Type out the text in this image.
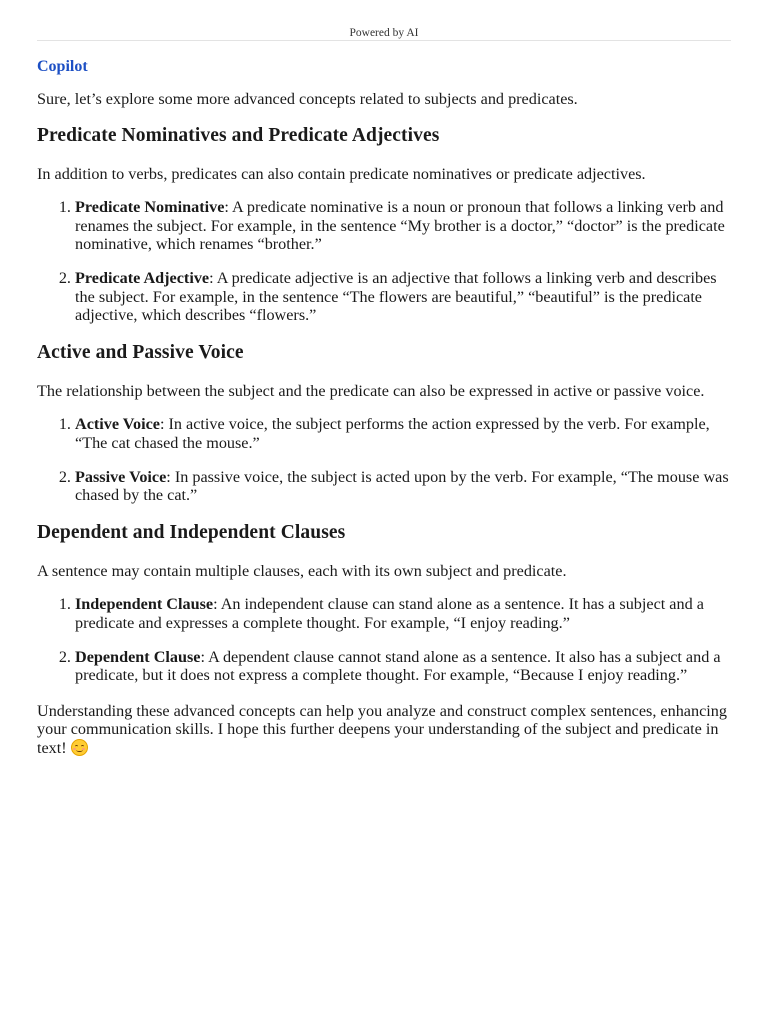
Powered by AI
Copilot

Sure, let’s explore some more advanced concepts related to subjects and predicates.

Predicate Nominatives and Predicate Adjectives

In addition to verbs, predicates can also contain predicate nominatives or predicate adjectives.

1. Predicate Nominative: A predicate nominative is a noun or pronoun that follows a linking verb and renames the subject. For example, in the sentence “My brother is a doctor,” “doctor” is the predicate nominative, which renames “brother.”
2. Predicate Adjective: A predicate adjective is an adjective that follows a linking verb and describes the subject. For example, in the sentence “The flowers are beautiful,” “beautiful” is the predicate adjective, which describes “flowers.”
Active and Passive Voice

The relationship between the subject and the predicate can also be expressed in active or passive voice.

1. Active Voice: In active voice, the subject performs the action expressed by the verb. For example, “The cat chased the mouse.”
2. Passive Voice: In passive voice, the subject is acted upon by the verb. For example, “The mouse was chased by the cat.”
Dependent and Independent Clauses

A sentence may contain multiple clauses, each with its own subject and predicate.

1. Independent Clause: An independent clause can stand alone as a sentence. It has a subject and a predicate and expresses a complete thought. For example, “I enjoy reading.”
2. Dependent Clause: A dependent clause cannot stand alone as a sentence. It also has a subject and a predicate, but it does not express a complete thought. For example, “Because I enjoy reading.”

Understanding these advanced concepts can help you analyze and construct complex sentences, enhancing your communication skills. I hope this further deepens your understanding of the subject and predicate in text!
